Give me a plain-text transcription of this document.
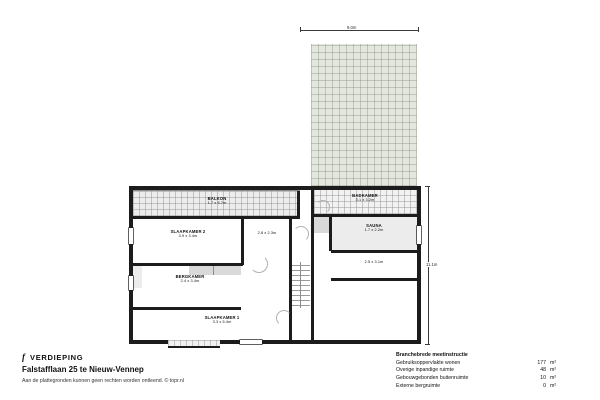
9.0m
11.1m
BALKON
1.7 x 5.7m
BADKAMER
3.1 x 3.2m
SAUNA
1.7 x 2.2m
2.5 x 3.1m
SLAAPKAMER 2
3.9 x 3.4m
2.8 x 2.3m
BERGKAMER
2.4 x 3.4m
SLAAPKAMER 1
3.3 x 5.4m
f VERDIEPING
Falstafflaan 25 te Nieuw-Vennep
Aan de plattegronden kunnen geen rechten worden ontleend. © topr.nl
Branchebrede meetinstructie
Gebruiksoppervlakte wonen	177 m²
Overige inpandige ruimte	48 m²
Gebouwgebonden buitenruimte	10 m²
Externe bergruimte	0 m²
